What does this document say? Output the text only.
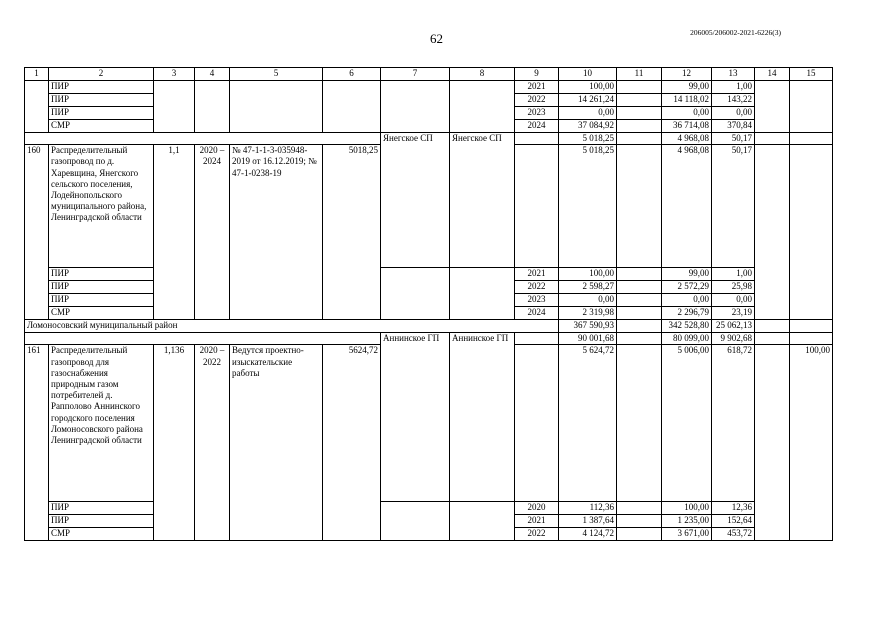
62	206005/206002-2021-6226(3)
1	2	3	4	5	6	7	8	9	10	11	12	13	14	15
	ПИР							2021	100,00		99,00	1,00		
	ПИР							2022	14 261,24		14 118,02	143,22		
	ПИР							2023	0,00		0,00	0,00		
	СМР							2024	37 084,92		36 714,08	370,84		
						Янегское СП	Янегское СП		5 018,25		4 968,08	50,17		
160	Распределительный газопровод по д. Харевщина, Янегского сельского поселения, Лодейнопольского муниципального района, Ленинградской области	1,1	2020 – 2024	№ 47-1-1-3-035948-2019 от 16.12.2019; № 47-1-0238-19	5018,25				5 018,25		4 968,08	50,17		
	ПИР							2021	100,00		99,00	1,00		
	ПИР							2022	2 598,27		2 572,29	25,98		
	ПИР							2023	0,00		0,00	0,00		
	СМР							2024	2 319,98		2 296,79	23,19		
Ломоносовский муниципальный район									367 590,93		342 528,80	25 062,13		
						Аннинское ГП	Аннинское ГП		90 001,68		80 099,00	9 902,68		
161	Распределительный газопровод для газоснабжения природным газом потребителей д. Рапполово Аннинского городского поселения Ломоносовского района Ленинградской области	1,136	2020 – 2022	Ведутся проектно-изыскательские работы	5624,72				5 624,72		5 006,00	618,72		100,00
	ПИР							2020	112,36		100,00	12,36		
	ПИР							2021	1 387,64		1 235,00	152,64		
	СМР							2022	4 124,72		3 671,00	453,72		
